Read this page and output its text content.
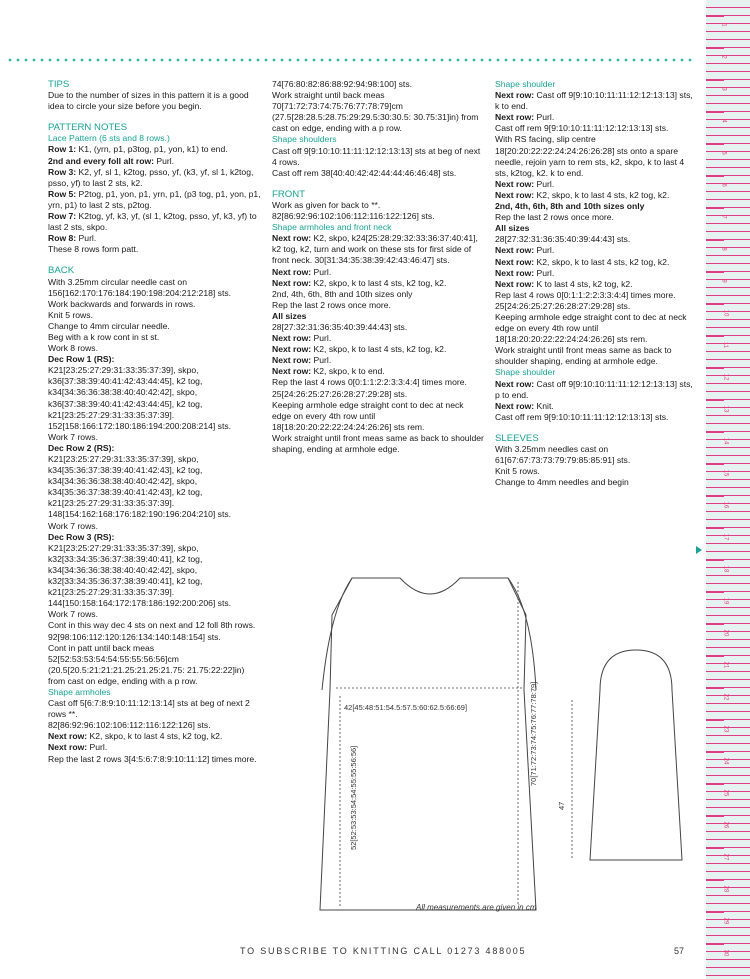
TIPS

Due to the number of sizes in this pattern it is a good idea to circle your size before you begin.

PATTERN NOTES

Lace Pattern (6 sts and 8 rows.)

Row 1: K1, (yrn, p1, p3tog, p1, yon, k1) to end.

2nd and every foll alt row: Purl.

Row 3: K2, yf, sl 1, k2tog, psso, yf, (k3, yf, sl 1, k2tog, psso, yf) to last 2 sts, k2.

Row 5: P2tog, p1, yon, p1, yrn, p1, (p3 tog, p1, yon, p1, yrn, p1) to last 2 sts, p2tog.

Row 7: K2tog, yf, k3, yf, (sl 1, k2tog, psso, yf, k3, yf) to last 2 sts, skpo.

Row 8: Purl.

These 8 rows form patt.

BACK

With 3.25mm circular needle cast on 156[162:170:176:184:190:198:204:212:218] sts.

Work backwards and forwards in rows.

Knit 5 rows.

Change to 4mm circular needle.

Beg with a k row cont in st st.

Work 8 rows.

Dec Row 1 (RS):

K21[23:25:27:29:31:33:35:37:39], skpo,

k36[37:38:39:40:41:42:43:44:45], k2 tog,

k34[34:36:36:38:38:40:40:42:42], skpo,

k36[37:38:39:40:41:42:43:44:45], k2 tog,

k21[23:25:27:29:31:33:35:37:39].

152[158:166:172:180:186:194:200:208:214] sts.

Work 7 rows.

Dec Row 2 (RS):

K21[23:25:27:29:31:33:35:37:39], skpo,

k34[35:36:37:38:39:40:41:42:43], k2 tog,

k34[34:36:36:38:38:40:40:42:42], skpo,

k34[35:36:37:38:39:40:41:42:43], k2 tog,

k21[23:25:27:29:31:33:35:37:39].

148[154:162:168:176:182:190:196:204:210] sts.

Work 7 rows.

Dec Row 3 (RS):

K21[23:25:27:29:31:33:35:37:39], skpo,

k32[33:34:35:36:37:38:39:40:41], k2 tog,

k34[34:36:36:38:38:40:40:42:42], skpo,

k32[33:34:35:36:37:38:39:40:41], k2 tog,

k21[23:25:27:29:31:33:35:37:39].

144[150:158:164:172:178:186:192:200:206] sts.

Work 7 rows.

Cont in this way dec 4 sts on next and 12 foll 8th rows.

92[98:106:112:120:126:134:140:148:154] sts.

Cont in patt until back meas 52[52:53:53:54:54:55:55:56:56]cm (20.5[20.5:21:21:21.25:21.25:21.75: 21.75:22:22]in) from cast on edge, ending with a p row.

Shape armholes

Cast off 5[6:7:8:9:10:11:12:13:14] sts at beg of next 2 rows **.

82[86:92:96:102:106:112:116:122:126] sts.

Next row: K2, skpo, k to last 4 sts, k2 tog, k2.

Next row: Purl.

Rep the last 2 rows 3[4:5:6:7:8:9:10:11:12] times more.

74[76:80:82:86:88:92:94:98:100] sts.

Work straight until back meas 70[71:72:73:74:75:76:77:78:79]cm (27.5[28:28.5:28.75:29:29.5:30:30.5: 30.75:31]in) from cast on edge, ending with a p row.

Shape shoulders

Cast off 9[9:10:10:11:11:12:12:13:13] sts at beg of next 4 rows.

Cast off rem 38[40:40:42:42:44:44:46:46:48] sts.

FRONT

Work as given for back to **.

82[86:92:96:102:106:112:116:122:126] sts.

Shape armholes and front neck

Next row: K2, skpo, k24[25:28:29:32:33:36:37:40:41], k2 tog, k2, turn and work on these sts for first side of front neck. 30[31:34:35:38:39:42:43:46:47] sts.

Next row: Purl.

Next row: K2, skpo, k to last 4 sts, k2 tog, k2.

2nd, 4th, 6th, 8th and 10th sizes only

Rep the last 2 rows once more.

All sizes

28[27:32:31:36:35:40:39:44:43] sts.

Next row: Purl.

Next row: K2, skpo, k to last 4 sts, k2 tog, k2.

Next row: Purl.

Next row: K2, skpo, k to end.

Rep the last 4 rows 0[0:1:1:2:2:3:3:4:4] times more. 25[24:26:25:27:26:28:27:29:28] sts.

Keeping armhole edge straight cont to dec at neck edge on every 4th row until 18[18:20:20:22:22:24:24:26:26] sts rem.

Work straight until front meas same as back to shoulder shaping, ending at armhole edge.

Shape shoulder

Next row: Cast off 9[9:10:10:11:11:12:12:13:13] sts, k to end.

Next row: Purl.

Cast off rem 9[9:10:10:11:11:12:12:13:13] sts.

With RS facing, slip centre 18[20:20:22:22:24:24:26:26:28] sts onto a spare needle, rejoin yarn to rem sts, k2, skpo, k to last 4 sts, k2tog, k2. k to end.

Next row: Purl.

Next row: K2, skpo, k to last 4 sts, k2 tog, k2.

2nd, 4th, 6th, 8th and 10th sizes only

Rep the last 2 rows once more.

All sizes

28[27:32:31:36:35:40:39:44:43] sts.

Next row: Purl.

Next row: K2, skpo, k to last 4 sts, k2 tog, k2.

Next row: Purl.

Next row: K to last 4 sts, k2 tog, k2.

Rep last 4 rows 0[0:1:1:2:2:3:3:4:4] times more. 25[24:26:25:27:26:28:27:29:28] sts.

Keeping armhole edge straight cont to dec at neck edge on every 4th row until 18[18:20:20:22:22:24:24:26:26] sts rem.

Work straight until front meas same as back to shoulder shaping, ending at armhole edge.

Shape shoulder

Next row: Cast off 9[9:10:10:11:11:12:12:13:13] sts, p to end.

Next row: Knit.

Cast off rem 9[9:10:10:11:11:12:12:13:13] sts.

SLEEVES

With 3.25mm needles cast on 61[67:67:73:73:79:79:85:85:91] sts.

Knit 5 rows.

Change to 4mm needles and begin

42[45:48:51:54.5:57.5:60:62.5:66:69]
52[52:53:53:54:54:55:55:56:56]
70[71:72:73:74:75:76:77:78:79]
47
All measurements are given in cm
1
2
3
4
5
6
7
8
9
10
11
12
13
14
15
16
17
18
19
20
21
22
23
24
25
26
27
28
29
30
TO SUBSCRIBE TO KNITTING CALL 01273 488005	57
